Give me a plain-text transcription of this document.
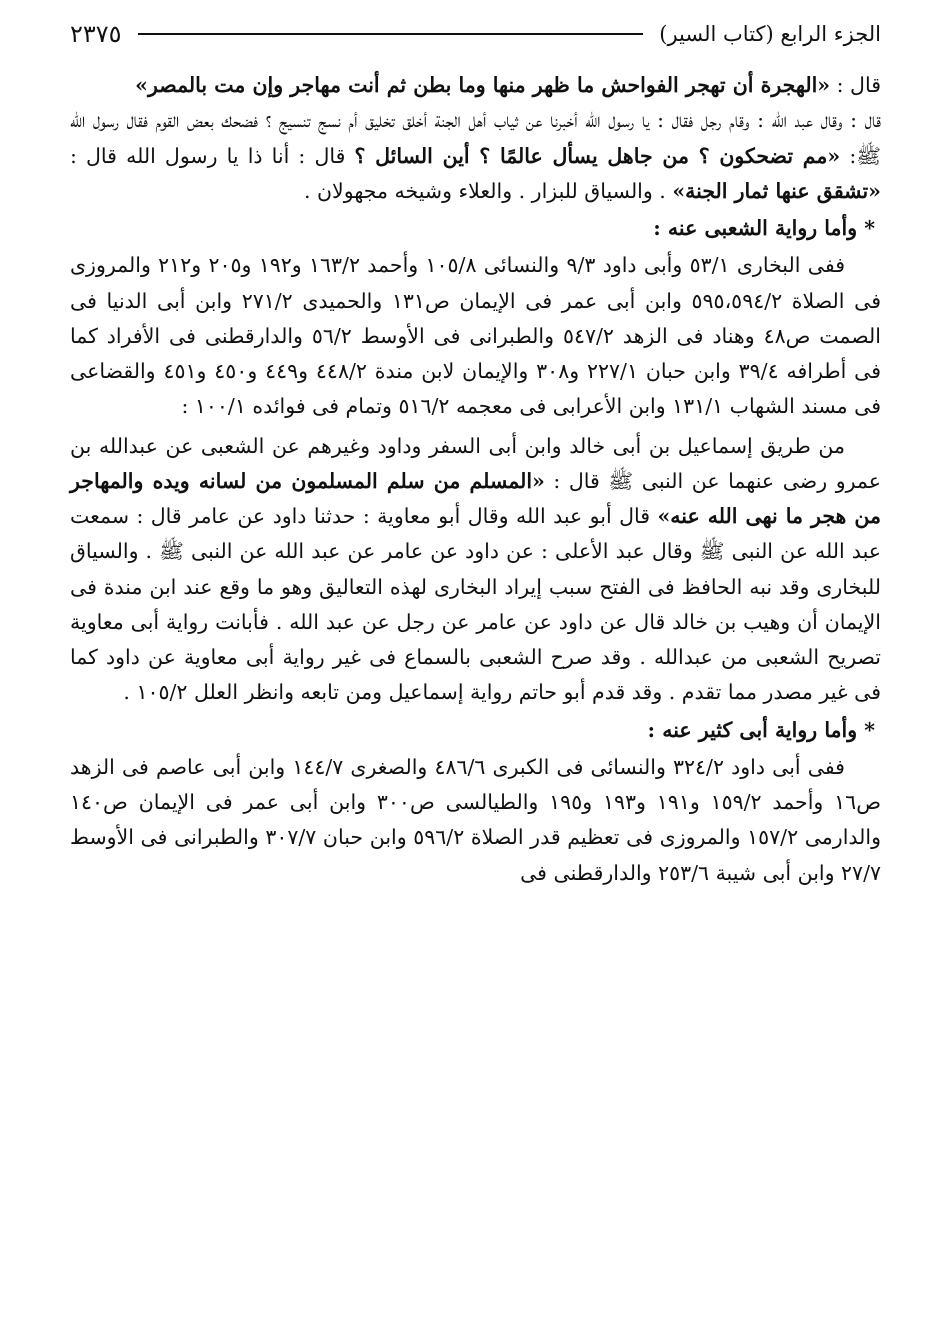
الجزء الرابع (كتاب السير)
٢٣٧٥

قال : «الهجرة أن تهجر الفواحش ما ظهر منها وما بطن ثم أنت مهاجر وإن مت بالمصر»

قال : وقال عبد الله : وقام رجل فقال : يا رسول الله أخبرنا عن ثياب أهل الجنة أخلق تخليق أم نسج تنسيج ؟ فضحك بعض القوم فقال رسول الله ﷺ: «مم تضحكون ؟ من جاهل يسأل عالمًا ؟ أين السائل ؟ قال : أنا ذا يا رسول الله قال : «تشقق عنها ثمار الجنة» . والسياق للبزار . والعلاء وشيخه مجهولان .

* وأما رواية الشعبى عنه :

ففى البخارى ٥٣/١ وأبى داود ٩/٣ والنسائى ١٠٥/٨ وأحمد ١٦٣/٢ و١٩٢ و٢٠٥ و٢١٢ والمروزى فى الصلاة ٥٩٥،٥٩٤/٢ وابن أبى عمر فى الإيمان ص١٣١ والحميدى ٢٧١/٢ وابن أبى الدنيا فى الصمت ص٤٨ وهناد فى الزهد ٥٤٧/٢ والطبرانى فى الأوسط ٥٦/٢ والدارقطنى فى الأفراد كما فى أطرافه ٣٩/٤ وابن حبان ٢٢٧/١ و٣٠٨ والإيمان لابن مندة ٤٤٨/٢ و٤٤٩ و٤٥٠ و٤٥١ والقضاعى فى مسند الشهاب ١٣١/١ وابن الأعرابى فى معجمه ٥١٦/٢ وتمام فى فوائده ١٠٠/١ :

من طريق إسماعيل بن أبى خالد وابن أبى السفر وداود وغيرهم عن الشعبى عن عبدالله بن عمرو رضى عنهما عن النبى ﷺ قال : «المسلم من سلم المسلمون من لسانه ويده والمهاجر من هجر ما نهى الله عنه» قال أبو عبد الله وقال أبو معاوية : حدثنا داود عن عامر قال : سمعت عبد الله عن النبى ﷺ وقال عبد الأعلى : عن داود عن عامر عن عبد الله عن النبى ﷺ . والسياق للبخارى وقد نبه الحافظ فى الفتح سبب إيراد البخارى لهذه التعاليق وهو ما وقع عند ابن مندة فى الإيمان أن وهيب بن خالد قال عن داود عن عامر عن رجل عن عبد الله . فأبانت رواية أبى معاوية تصريح الشعبى من عبدالله . وقد صرح الشعبى بالسماع فى غير رواية أبى معاوية عن داود كما فى غير مصدر مما تقدم . وقد قدم أبو حاتم رواية إسماعيل ومن تابعه وانظر العلل ١٠٥/٢ .

* وأما رواية أبى كثير عنه :

ففى أبى داود ٣٢٤/٢ والنسائى فى الكبرى ٤٨٦/٦ والصغرى ١٤٤/٧ وابن أبى عاصم فى الزهد ص١٦ وأحمد ١٥٩/٢ و١٩١ و١٩٣ و١٩٥ والطيالسى ص٣٠٠ وابن أبى عمر فى الإيمان ص١٤٠ والدارمى ١٥٧/٢ والمروزى فى تعظيم قدر الصلاة ٥٩٦/٢ وابن حبان ٣٠٧/٧ والطبرانى فى الأوسط ٢٧/٧ وابن أبى شيبة ٢٥٣/٦ والدارقطنى فى
